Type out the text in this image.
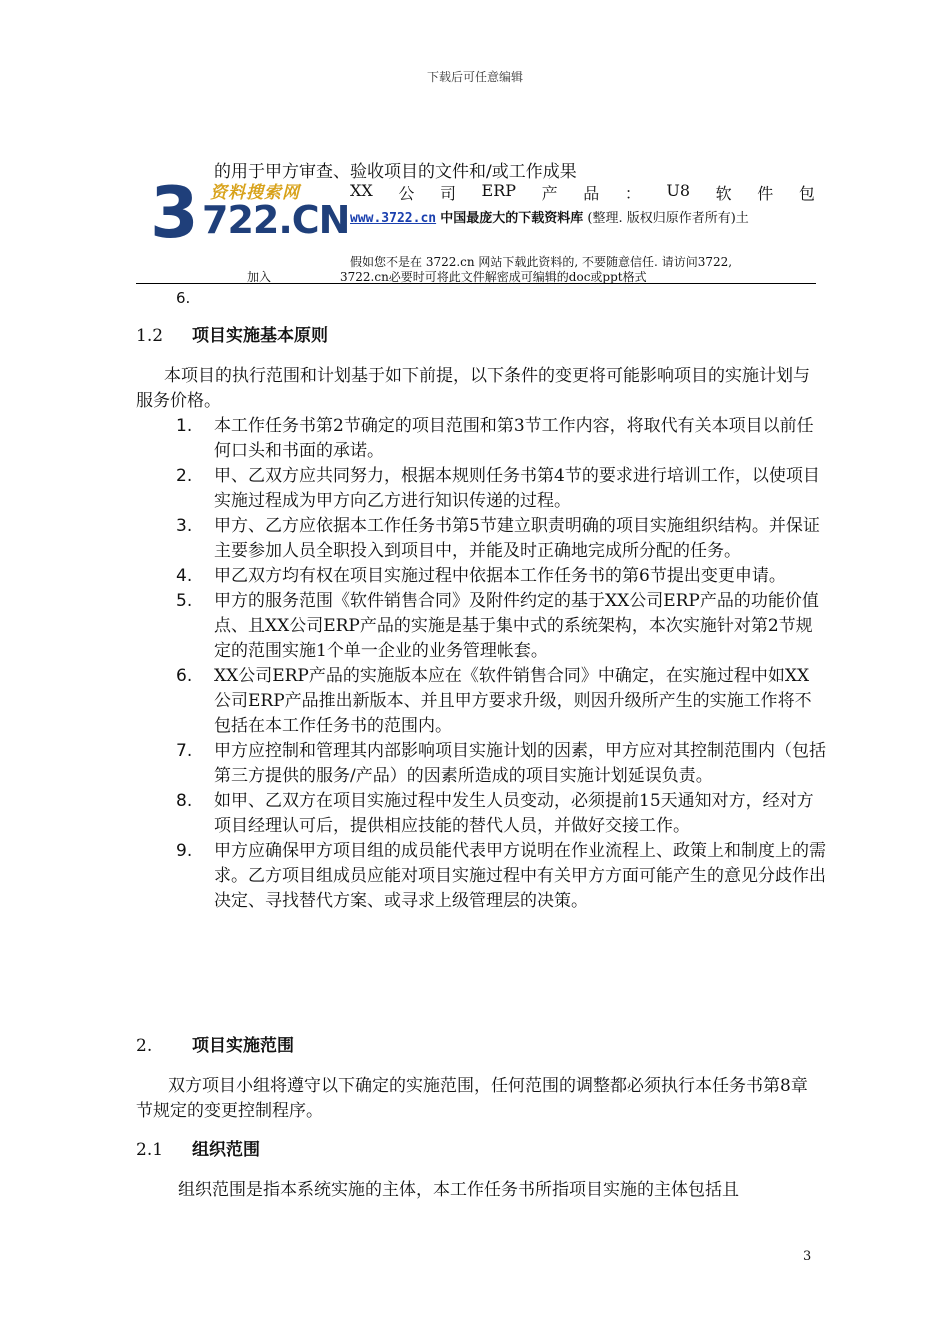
下载后可任意编辑
的用于甲方审查、验收项目的文件和/或工作成果
3 资料搜索网
722.CN
XX 公 司 ERP 产 品 ： U8 软 件 包
www.3722.cn 中国最庞大的下载资料库 (整理. 版权归原作者所有)土
假如您不是在 3722.cn 网站下载此资料的, 不要随意信任. 请访问3722,
加入	3722.cn必要时可将此文件解密成可编辑的doc或ppt格式
6.
1.2 项目实施基本原则
本项目的执行范围和计划基于如下前提，以下条件的变更将可能影响项目的实施计划与服务价格。
1.	本工作任务书第2节确定的项目范围和第3节工作内容，将取代有关本项目以前任何口头和书面的承诺。
2.	甲、乙双方应共同努力，根据本规则任务书第4节的要求进行培训工作，以使项目实施过程成为甲方向乙方进行知识传递的过程。
3.	甲方、乙方应依据本工作任务书第5节建立职责明确的项目实施组织结构。并保证主要参加人员全职投入到项目中，并能及时正确地完成所分配的任务。
4.	甲乙双方均有权在项目实施过程中依据本工作任务书的第6节提出变更申请。
5.	甲方的服务范围《软件销售合同》及附件约定的基于XX公司ERP产品的功能价值点、且XX公司ERP产品的实施是基于集中式的系统架构，本次实施针对第2节规定的范围实施1个单一企业的业务管理帐套。
6.	XX公司ERP产品的实施版本应在《软件销售合同》中确定，在实施过程中如XX公司ERP产品推出新版本、并且甲方要求升级，则因升级所产生的实施工作将不包括在本工作任务书的范围内。
7.	甲方应控制和管理其内部影响项目实施计划的因素，甲方应对其控制范围内（包括第三方提供的服务/产品）的因素所造成的项目实施计划延误负责。
8.	如甲、乙双方在项目实施过程中发生人员变动，必须提前15天通知对方，经对方项目经理认可后，提供相应技能的替代人员，并做好交接工作。
9.	甲方应确保甲方项目组的成员能代表甲方说明在作业流程上、政策上和制度上的需求。乙方项目组成员应能对项目实施过程中有关甲方方面可能产生的意见分歧作出决定、寻找替代方案、或寻求上级管理层的决策。
2. 项目实施范围
双方项目小组将遵守以下确定的实施范围，任何范围的调整都必须执行本任务书第8章节规定的变更控制程序。
2.1 组织范围
组织范围是指本系统实施的主体，本工作任务书所指项目实施的主体包括且
3
